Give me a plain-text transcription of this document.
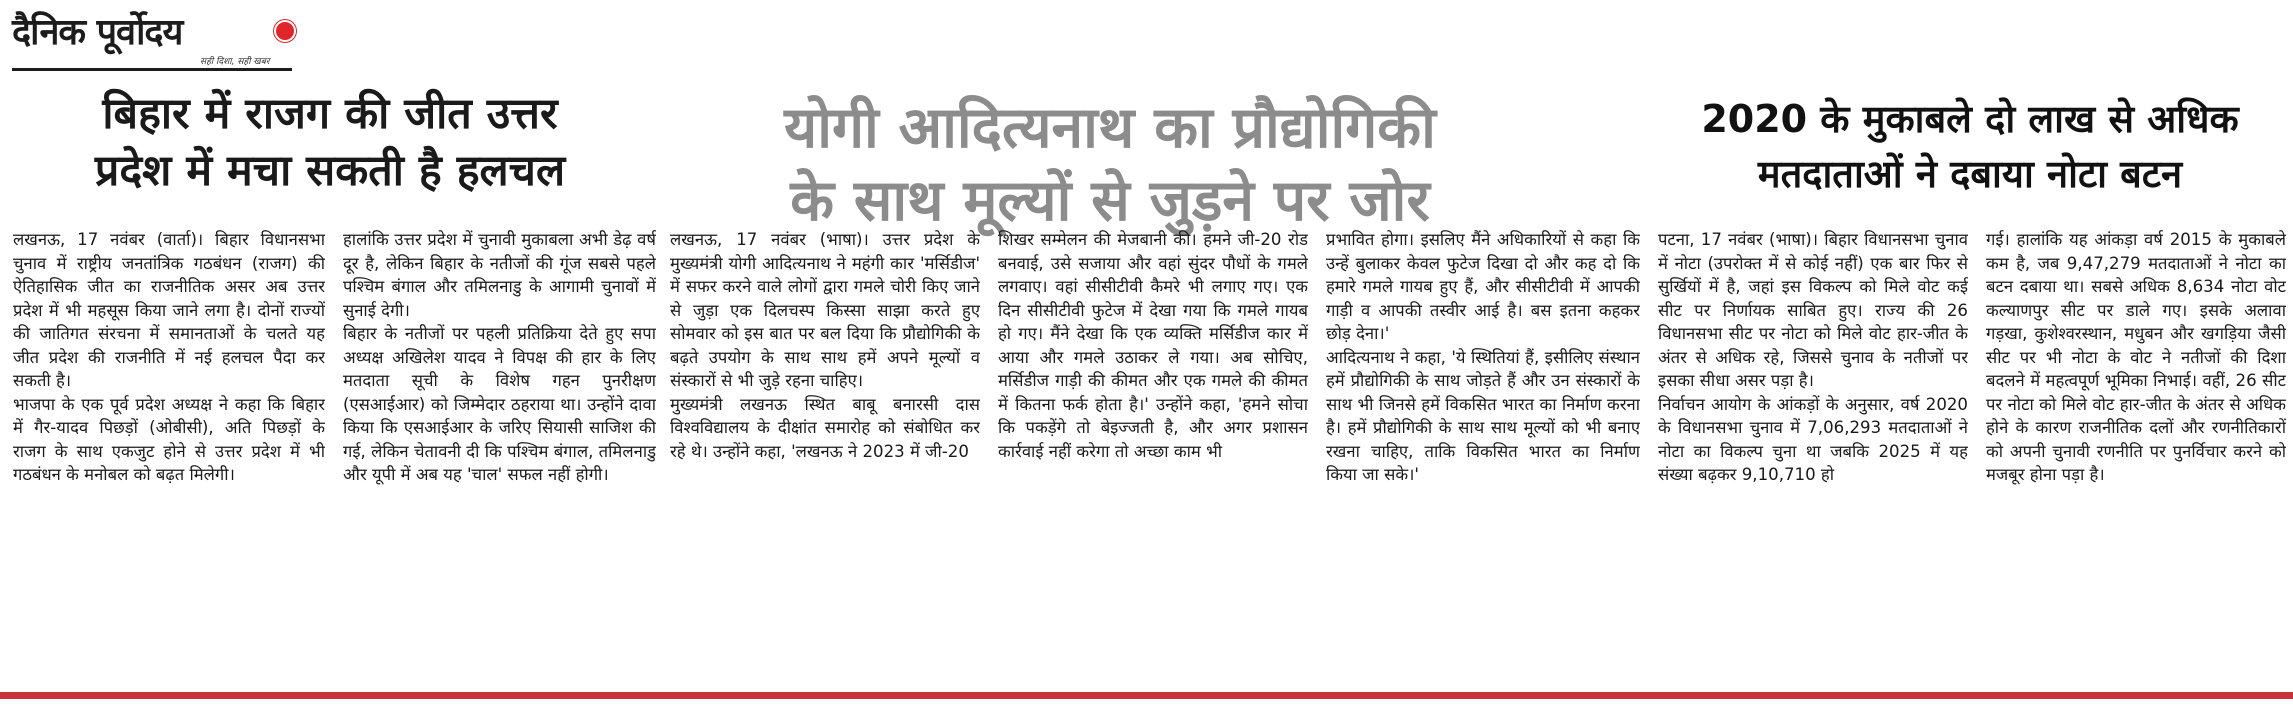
दैनिक पूर्वोदय
सही दिशा, सही खबर
बिहार में राजग की जीत उत्तर
प्रदेश में मचा सकती है हलचल
योगी आदित्यनाथ का प्रौद्योगिकी
के साथ मूल्यों से जुड़ने पर जोर
2020 के मुकाबले दो लाख से अधिक
मतदाताओं ने दबाया नोटा बटन
लखनऊ, 17 नवंबर (वार्ता)। बिहार विधानसभा चुनाव में राष्ट्रीय जनतांत्रिक गठबंधन (राजग) की ऐतिहासिक जीत का राजनीतिक असर अब उत्तर प्रदेश में भी महसूस किया जाने लगा है। दोनों राज्यों की जातिगत संरचना में समानताओं के चलते यह जीत प्रदेश की राजनीति में नई हलचल पैदा कर सकती है।
भाजपा के एक पूर्व प्रदेश अध्यक्ष ने कहा कि बिहार में गैर-यादव पिछड़ों (ओबीसी), अति पिछड़ों के राजग के साथ एकजुट होने से उत्तर प्रदेश में भी गठबंधन के मनोबल को बढ़त मिलेगी।
हालांकि उत्तर प्रदेश में चुनावी मुकाबला अभी डेढ़ वर्ष दूर है, लेकिन बिहार के नतीजों की गूंज सबसे पहले पश्चिम बंगाल और तमिलनाडु के आगामी चुनावों में सुनाई देगी।
बिहार के नतीजों पर पहली प्रतिक्रिया देते हुए सपा अध्यक्ष अखिलेश यादव ने विपक्ष की हार के लिए मतदाता सूची के विशेष गहन पुनरीक्षण (एसआईआर) को जिम्मेदार ठहराया था। उन्होंने दावा किया कि एसआईआर के जरिए सियासी साजिश की गई, लेकिन चेतावनी दी कि पश्चिम बंगाल, तमिलनाडु और यूपी में अब यह 'चाल' सफल नहीं होगी।
लखनऊ, 17 नवंबर (भाषा)। उत्तर प्रदेश के मुख्यमंत्री योगी आदित्यनाथ ने महंगी कार 'मर्सिडीज' में सफर करने वाले लोगों द्वारा गमले चोरी किए जाने से जुड़ा एक दिलचस्प किस्सा साझा करते हुए सोमवार को इस बात पर बल दिया कि प्रौद्योगिकी के बढ़ते उपयोग के साथ साथ हमें अपने मूल्यों व संस्कारों से भी जुड़े रहना चाहिए।
मुख्यमंत्री लखनऊ स्थित बाबू बनारसी दास विश्वविद्यालय के दीक्षांत समारोह को संबोधित कर रहे थे। उन्होंने कहा, 'लखनऊ ने 2023 में जी-20
शिखर सम्मेलन की मेजबानी की। हमने जी-20 रोड बनवाई, उसे सजाया और वहां सुंदर पौधों के गमले लगवाए। वहां सीसीटीवी कैमरे भी लगाए गए। एक दिन सीसीटीवी फुटेज में देखा गया कि गमले गायब हो गए। मैंने देखा कि एक व्यक्ति मर्सिडीज कार में आया और गमले उठाकर ले गया। अब सोचिए, मर्सिडीज गाड़ी की कीमत और एक गमले की कीमत में कितना फर्क होता है।' उन्होंने कहा, 'हमने सोचा कि पकड़ेंगे तो बेइज्जती है, और अगर प्रशासन कार्रवाई नहीं करेगा तो अच्छा काम भी
प्रभावित होगा। इसलिए मैंने अधिकारियों से कहा कि उन्हें बुलाकर केवल फुटेज दिखा दो और कह दो कि हमारे गमले गायब हुए हैं, और सीसीटीवी में आपकी गाड़ी व आपकी तस्वीर आई है। बस इतना कहकर छोड़ देना।'
आदित्यनाथ ने कहा, 'ये स्थितियां हैं, इसीलिए संस्थान हमें प्रौद्योगिकी के साथ जोड़ते हैं और उन संस्कारों के साथ भी जिनसे हमें विकसित भारत का निर्माण करना है। हमें प्रौद्योगिकी के साथ साथ मूल्यों को भी बनाए रखना चाहिए, ताकि विकसित भारत का निर्माण किया जा सके।'
पटना, 17 नवंबर (भाषा)। बिहार विधानसभा चुनाव में नोटा (उपरोक्त में से कोई नहीं) एक बार फिर से सुर्खियों में है, जहां इस विकल्प को मिले वोट कई सीट पर निर्णायक साबित हुए। राज्य की 26 विधानसभा सीट पर नोटा को मिले वोट हार-जीत के अंतर से अधिक रहे, जिससे चुनाव के नतीजों पर इसका सीधा असर पड़ा है।
निर्वाचन आयोग के आंकड़ों के अनुसार, वर्ष 2020 के विधानसभा चुनाव में 7,06,293 मतदाताओं ने नोटा का विकल्प चुना था जबकि 2025 में यह संख्या बढ़कर 9,10,710 हो
गई। हालांकि यह आंकड़ा वर्ष 2015 के मुकाबले कम है, जब 9,47,279 मतदाताओं ने नोटा का बटन दबाया था। सबसे अधिक 8,634 नोटा वोट कल्याणपुर सीट पर डाले गए। इसके अलावा गड़खा, कुशेश्वरस्थान, मधुबन और खगड़िया जैसी सीट पर भी नोटा के वोट ने नतीजों की दिशा बदलने में महत्वपूर्ण भूमिका निभाई। वहीं, 26 सीट पर नोटा को मिले वोट हार-जीत के अंतर से अधिक होने के कारण राजनीतिक दलों और रणनीतिकारों को अपनी चुनावी रणनीति पर पुनर्विचार करने को मजबूर होना पड़ा है।
